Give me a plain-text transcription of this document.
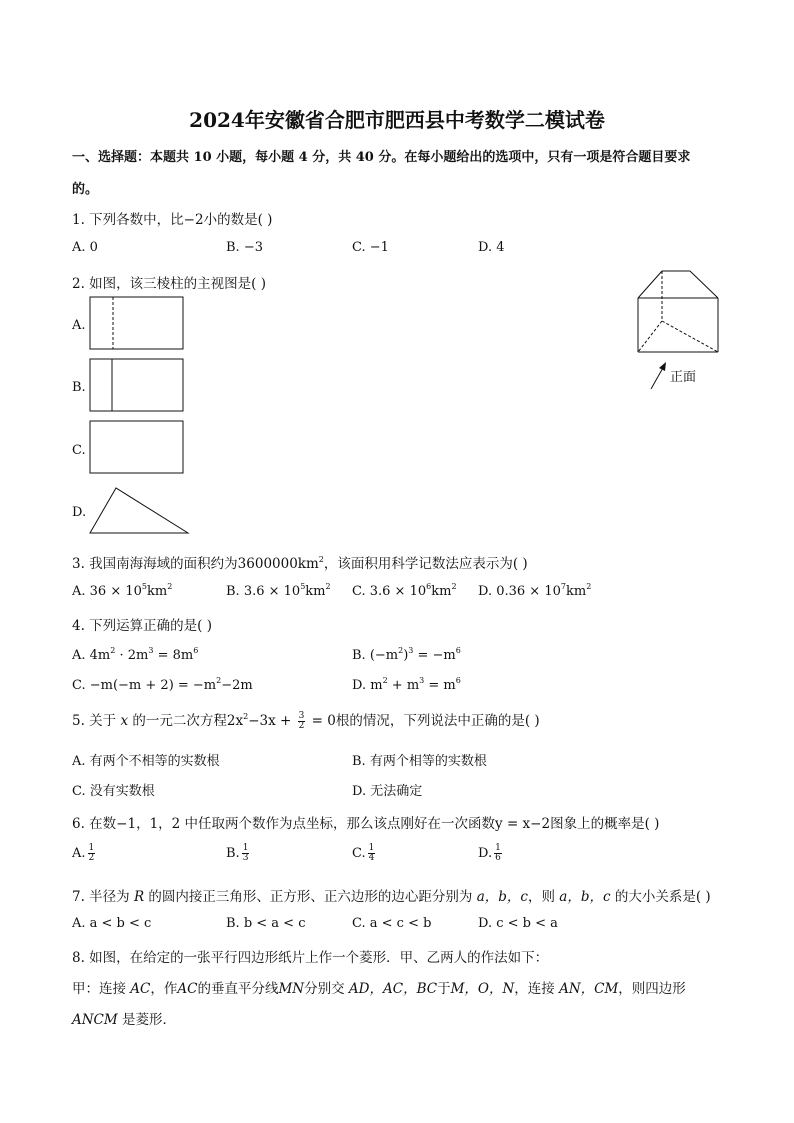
2024年安徽省合肥市肥西县中考数学二模试卷
一、选择题：本题共 10 小题，每小题 4 分，共 40 分。在每小题给出的选项中，只有一项是符合题目要求
的。
1. 下列各数中，比−2小的数是( )
A. 0	B. −3	C. −1	D. 4
2. 如图，该三棱柱的主视图是( )
A.
B.
C.
D.
正面
3. 我国南海海域的面积约为$3600000km^2$，该面积用科学记数法应表示为( )
A. $36 \times 10^5km^2$	B. $3.6 \times 10^5km^2$ C. $3.6 \times 10^6km^2$ D. $0.36 \times 10^7km^2$
4. 下列运算正确的是( )
A. $4m^2 \cdot 2m^3 = 8m^6$	B. $(-m^2)^3 = -m^6$
C. $-m(-m + 2) = -m^2-2m$	D. $m^2 + m^3 = m^6$
5. 关于 x 的一元二次方程$2x^2-3x + \frac{3}{2} = 0$根的情况，下列说法中正确的是( )
A. 有两个不相等的实数根	B. 有两个相等的实数根
C. 没有实数根	D. 无法确定
6. 在数−1，1，2 中任取两个数作为点坐标，那么该点刚好在一次函数y = x−2图象上的概率是( )
A. $\frac{1}{2}$	B. $\frac{1}{3}$	C. $\frac{1}{4}$	D. $\frac{1}{6}$
7. 半径为 R 的圆内接正三角形、正方形、正六边形的边心距分别为 a，b，c，则 a，b，c 的大小关系是( )
A. a < b < c	B. b < a < c	C. a < c < b	D. c < b < a
8. 如图，在给定的一张平行四边形纸片上作一个菱形．甲、乙两人的作法如下：
甲：连接 AC，作AC的垂直平分线MN分别交 AD，AC，BC于M，O，N，连接 AN，CM，则四边形
ANCM 是菱形．
